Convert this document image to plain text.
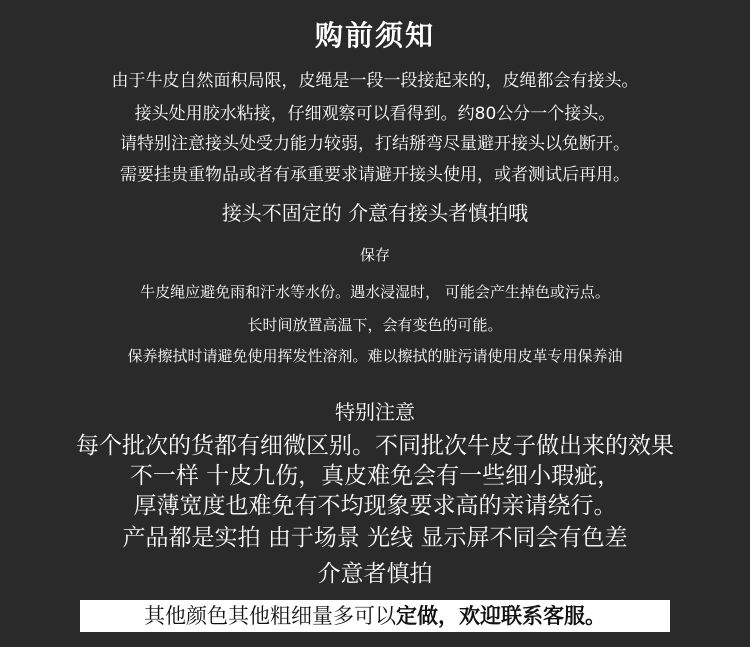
购前须知
由于牛皮自然面积局限，皮绳是一段一段接起来的，皮绳都会有接头。
接头处用胶水粘接，仔细观察可以看得到。约80公分一个接头。
请特别注意接头处受力能力较弱，打结掰弯尽量避开接头以免断开。
需要挂贵重物品或者有承重要求请避开接头使用，或者测试后再用。
接头不固定的 介意有接头者慎拍哦
保存
牛皮绳应避免雨和汗水等水份。遇水浸湿时， 可能会产生掉色或污点。
长时间放置高温下，会有变色的可能。
保养擦拭时请避免使用挥发性溶剂。难以擦拭的脏污请使用皮革专用保养油
特别注意
每个批次的货都有细微区别。不同批次牛皮子做出来的效果
不一样 十皮九伤，真皮难免会有一些细小瑕疵，
厚薄宽度也难免有不均现象要求高的亲请绕行。
产品都是实拍 由于场景 光线 显示屏不同会有色差
介意者慎拍
其他颜色其他粗细量多可以定做，欢迎联系客服。
